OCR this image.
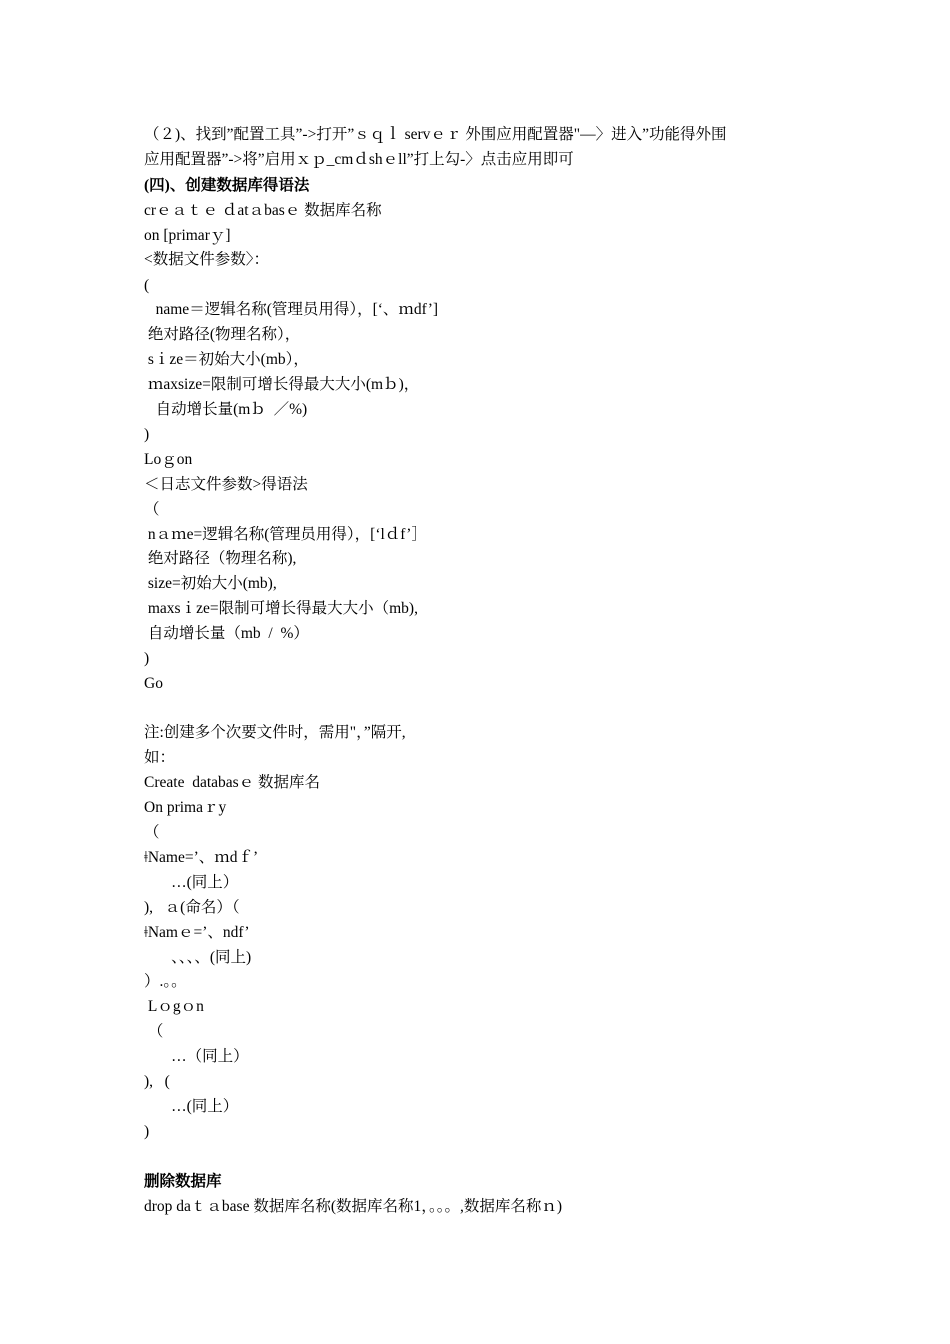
（２)、找到”配置工具”->打开”ｓｑｌ servｅｒ 外围应用配置器"—〉进入”功能得外围
应用配置器”->将”启用ｘｐ_cmｄshｅll”打上勾-〉点击应用即可
(四)、创建数据库得语法
crｅａｔｅ ｄatａbasｅ 数据库名称
on [primarｙ]
<数据文件参数〉：
(
name＝逻辑名称(管理员用得），[‘、ｍdf’]
绝对路径(物理名称），
sｉze＝初始大小(mb），
ｍaxsize=限制可增长得最大大小(mｂ)，
自动增长量(mｂ  ／%)
)
Loｇon
＜日志文件参数>得语法
（
nａｍe=逻辑名称(管理员用得），[‘lｄf’］
绝对路径（物理名称),
size=初始大小(mb),
maxsｉze=限制可增长得最大大小（mb),
自动增长量（mb  /  %）
)
Go
注:创建多个次要文件时，需用"，”隔开,
如：
Create  databasｅ 数据库名
On primaｒy
（
ǂName=’、ｍdｆ’
…(同上）
),   ａ(命名）（
ǂNamｅ=’、ndf’
、、、、(同上)
）.。。
Lｏgｏn
（
…（同上）
),   (
…(同上）
)
删除数据库
drop daｔａbase 数据库名称(数据库名称1，。。。,数据库名称ｎ)
